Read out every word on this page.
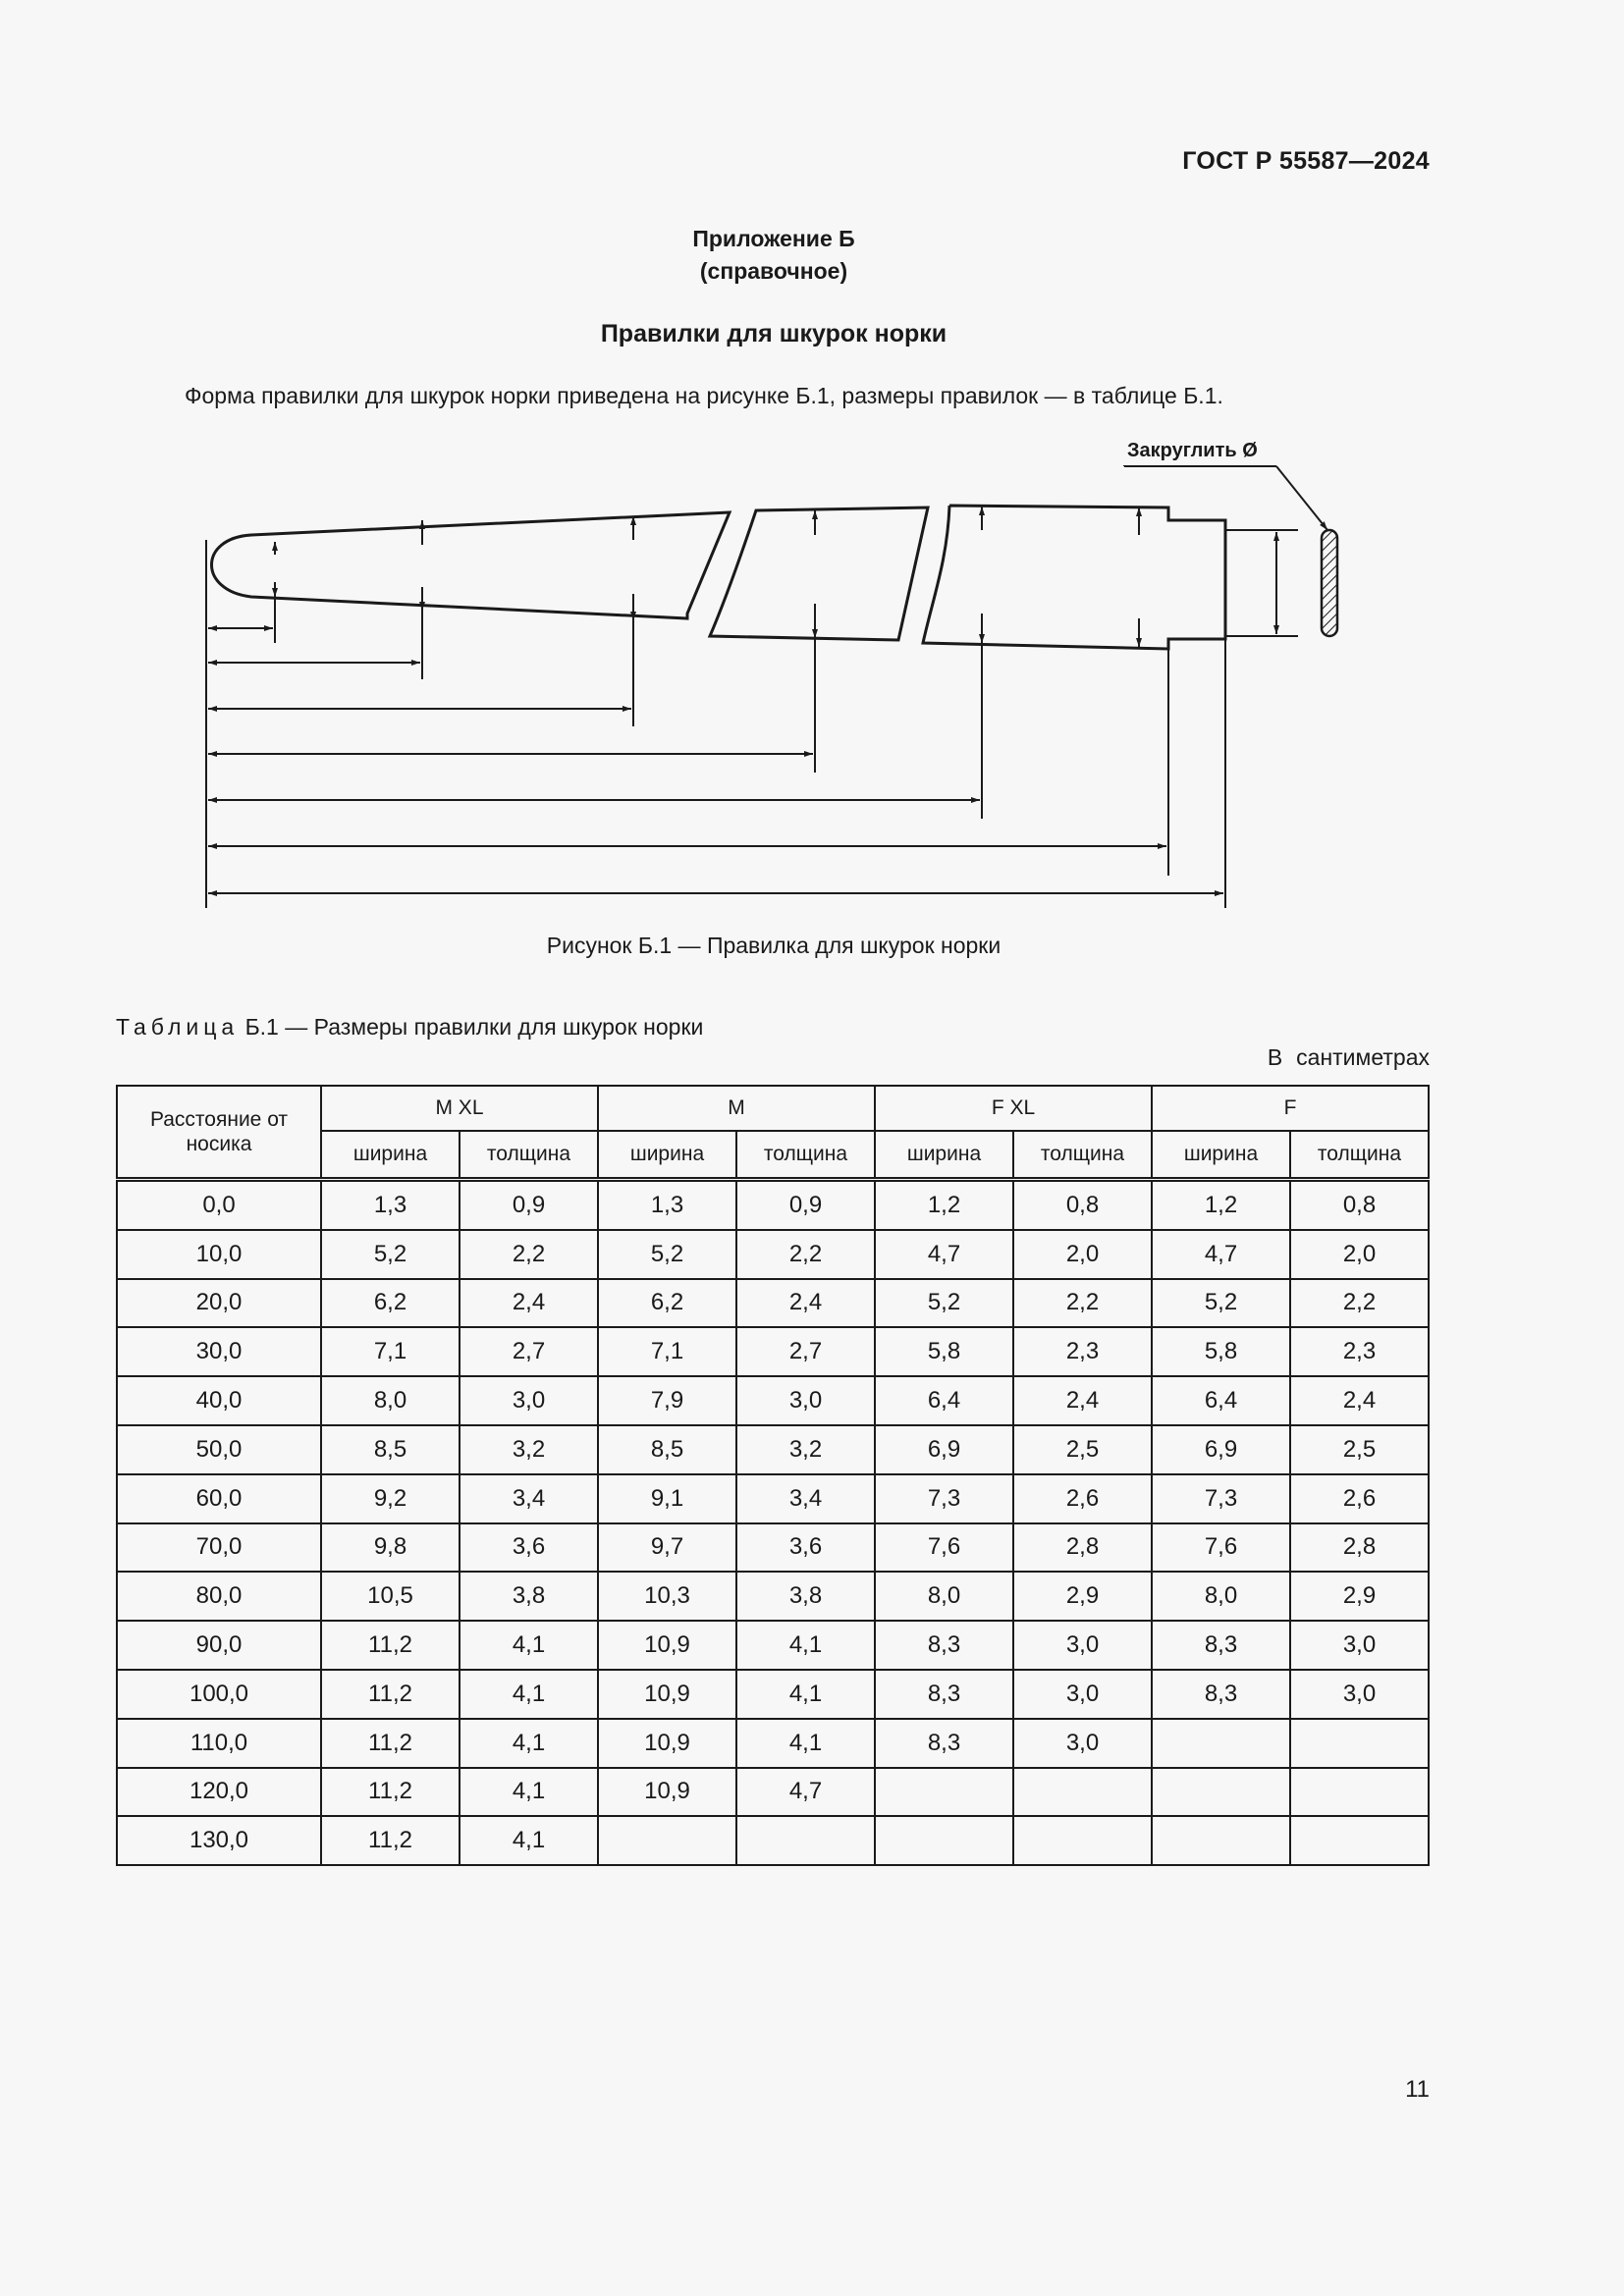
ГОСТ Р 55587—2024
Приложение Б
(справочное)
Правилки для шкурок норки
Форма правилки для шкурок норки приведена на рисунке Б.1, размеры правилок — в таблице Б.1.
Закруглить Ø
Рисунок Б.1 — Правилка для шкурок норки
Таблица Б.1 — Размеры правилки для шкурок норки
В сантиметрах
Расстояние от носика	M XL		M		F XL		F	
	ширина	толщина	ширина	толщина	ширина	толщина	ширина	толщина
0,0	1,3	0,9	1,3	0,9	1,2	0,8	1,2	0,8
10,0	5,2	2,2	5,2	2,2	4,7	2,0	4,7	2,0
20,0	6,2	2,4	6,2	2,4	5,2	2,2	5,2	2,2
30,0	7,1	2,7	7,1	2,7	5,8	2,3	5,8	2,3
40,0	8,0	3,0	7,9	3,0	6,4	2,4	6,4	2,4
50,0	8,5	3,2	8,5	3,2	6,9	2,5	6,9	2,5
60,0	9,2	3,4	9,1	3,4	7,3	2,6	7,3	2,6
70,0	9,8	3,6	9,7	3,6	7,6	2,8	7,6	2,8
80,0	10,5	3,8	10,3	3,8	8,0	2,9	8,0	2,9
90,0	11,2	4,1	10,9	4,1	8,3	3,0	8,3	3,0
100,0	11,2	4,1	10,9	4,1	8,3	3,0	8,3	3,0
110,0	11,2	4,1	10,9	4,1	8,3	3,0		
120,0	11,2	4,1	10,9	4,7				
130,0	11,2	4,1						
11
